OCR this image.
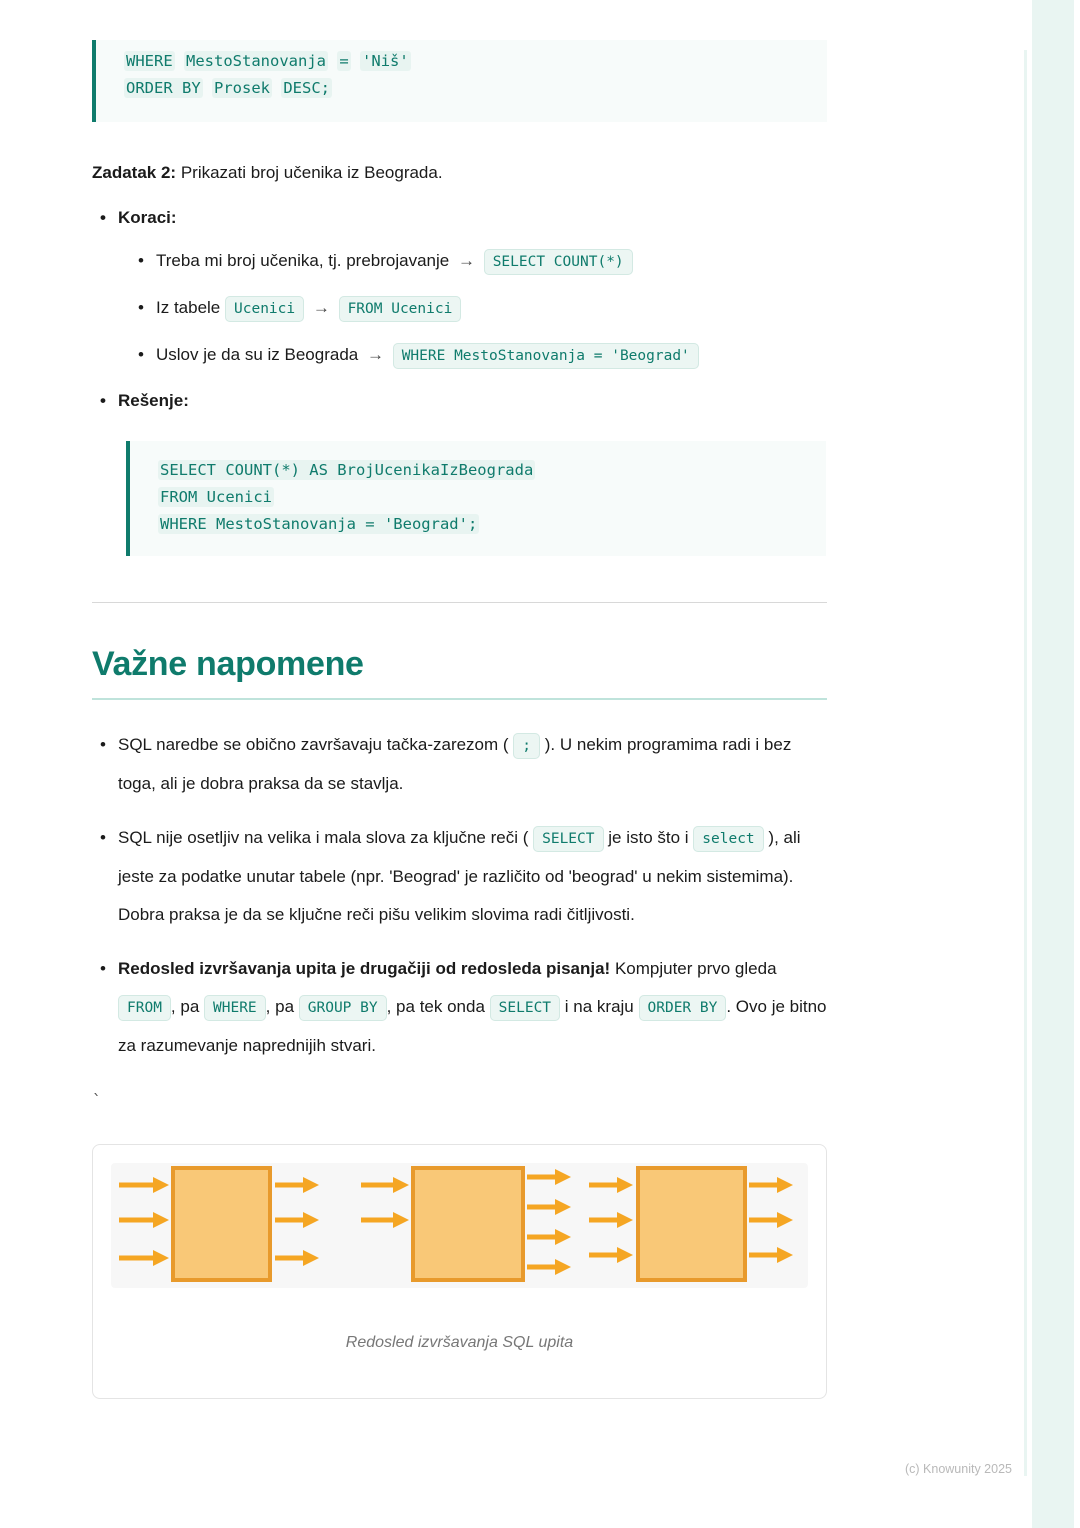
WHERE MestoStanovanja = 'Niš'
ORDER BY Prosek DESC;

Zadatak 2: Prikazati broj učenika iz Beograda.

• Koraci:
• Treba mi broj učenika, tj. prebrojavanje → SELECT COUNT(*)
• Iz tabele Ucenici → FROM Ucenici
• Uslov je da su iz Beograda → WHERE MestoStanovanja = 'Beograd'
• Rešenje:
SELECT COUNT(*) AS BrojUcenikaIzBeograda
FROM Ucenici
WHERE MestoStanovanja = 'Beograd';
Važne napomene
• SQL naredbe se obično završavaju tačka-zarezom ( ; ). U nekim programima radi i bez toga, ali je dobra praksa da se stavlja.
• SQL nije osetljiv na velika i mala slova za ključne reči ( SELECT je isto što i select ), ali jeste za podatke unutar tabele (npr. 'Beograd' je različito od 'beograd' u nekim sistemima). Dobra praksa je da se ključne reči pišu velikim slovima radi čitljivosti.
• Redosled izvršavanja upita je drugačiji od redosleda pisanja! Kompjuter prvo gleda FROM , pa WHERE , pa GROUP BY , pa tek onda SELECT i na kraju ORDER BY . Ovo je bitno za razumevanje naprednijih stvari.
`
Redosled izvršavanja SQL upita
(c) Knowunity 2025
